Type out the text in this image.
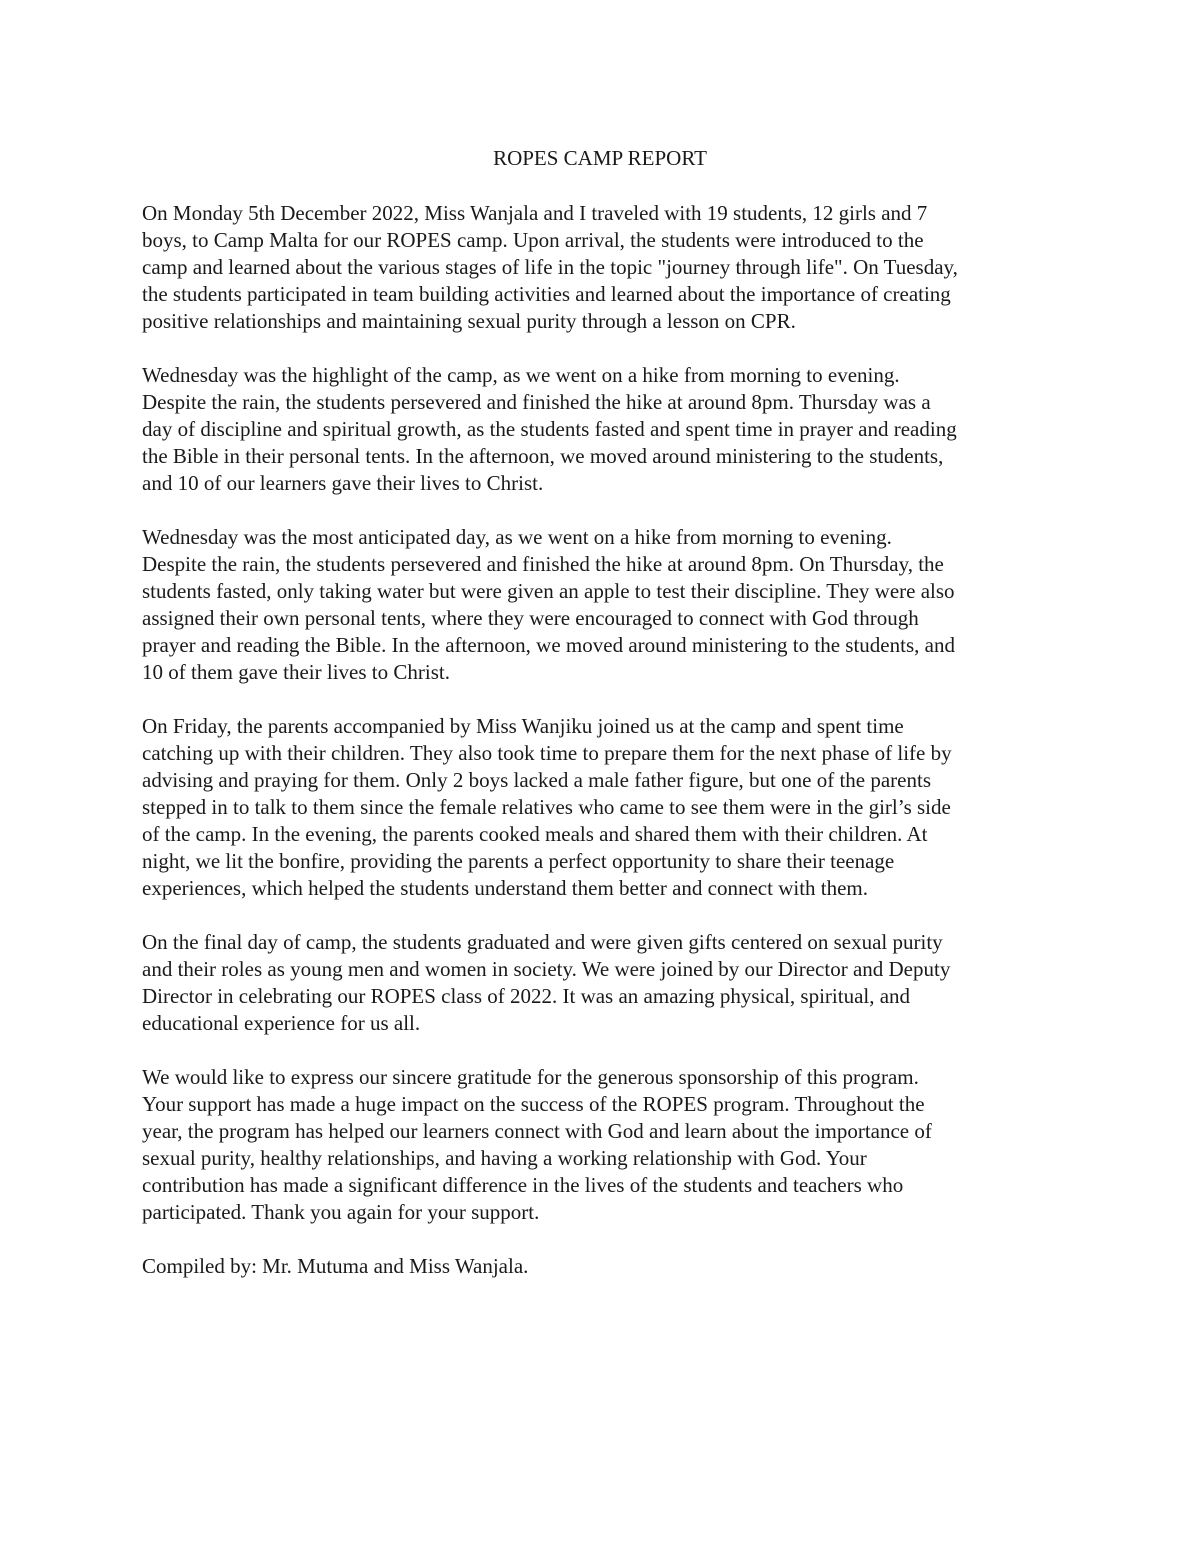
ROPES CAMP REPORT

On Monday 5th December 2022, Miss Wanjala and I traveled with 19 students, 12 girls and 7
boys, to Camp Malta for our ROPES camp. Upon arrival, the students were introduced to the
camp and learned about the various stages of life in the topic "journey through life". On Tuesday,
the students participated in team building activities and learned about the importance of creating
positive relationships and maintaining sexual purity through a lesson on CPR.

Wednesday was the highlight of the camp, as we went on a hike from morning to evening.
Despite the rain, the students persevered and finished the hike at around 8pm. Thursday was a
day of discipline and spiritual growth, as the students fasted and spent time in prayer and reading
the Bible in their personal tents. In the afternoon, we moved around ministering to the students,
and 10 of our learners gave their lives to Christ.

Wednesday was the most anticipated day, as we went on a hike from morning to evening.
Despite the rain, the students persevered and finished the hike at around 8pm. On Thursday, the
students fasted, only taking water but were given an apple to test their discipline. They were also
assigned their own personal tents, where they were encouraged to connect with God through
prayer and reading the Bible. In the afternoon, we moved around ministering to the students, and
10 of them gave their lives to Christ.

On Friday, the parents accompanied by Miss Wanjiku joined us at the camp and spent time
catching up with their children. They also took time to prepare them for the next phase of life by
advising and praying for them. Only 2 boys lacked a male father figure, but one of the parents
stepped in to talk to them since the female relatives who came to see them were in the girl’s side
of the camp. In the evening, the parents cooked meals and shared them with their children. At
night, we lit the bonfire, providing the parents a perfect opportunity to share their teenage
experiences, which helped the students understand them better and connect with them.

On the final day of camp, the students graduated and were given gifts centered on sexual purity
and their roles as young men and women in society. We were joined by our Director and Deputy
Director in celebrating our ROPES class of 2022. It was an amazing physical, spiritual, and
educational experience for us all.

We would like to express our sincere gratitude for the generous sponsorship of this program.
Your support has made a huge impact on the success of the ROPES program. Throughout the
year, the program has helped our learners connect with God and learn about the importance of
sexual purity, healthy relationships, and having a working relationship with God. Your
contribution has made a significant difference in the lives of the students and teachers who
participated. Thank you again for your support.

Compiled by: Mr. Mutuma and Miss Wanjala.
